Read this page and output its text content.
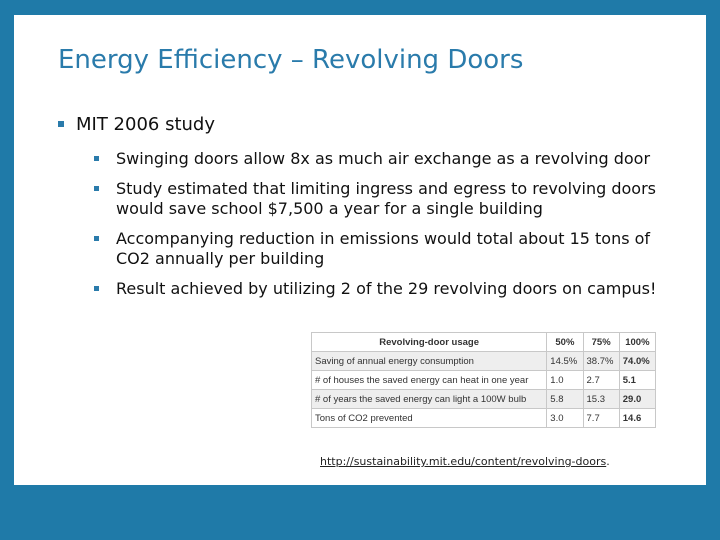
Energy Efficiency – Revolving Doors
MIT 2006 study
Swinging doors allow 8x as much air exchange as a revolving door
Study estimated that limiting ingress and egress to revolving doors would save school $7,500 a year for a single building
Accompanying reduction in emissions would total about 15 tons of CO2 annually per building
Result achieved by utilizing 2 of the 29 revolving doors on campus!
Revolving-door usage	50%	75%	100%
Saving of annual energy consumption	14.5%	38.7%	74.0%
# of houses the saved energy can heat in one year	1.0	2.7	5.1
# of years the saved energy can light a 100W bulb	5.8	15.3	29.0
Tons of CO2 prevented	3.0	7.7	14.6
http://sustainability.mit.edu/content/revolving-doors.
